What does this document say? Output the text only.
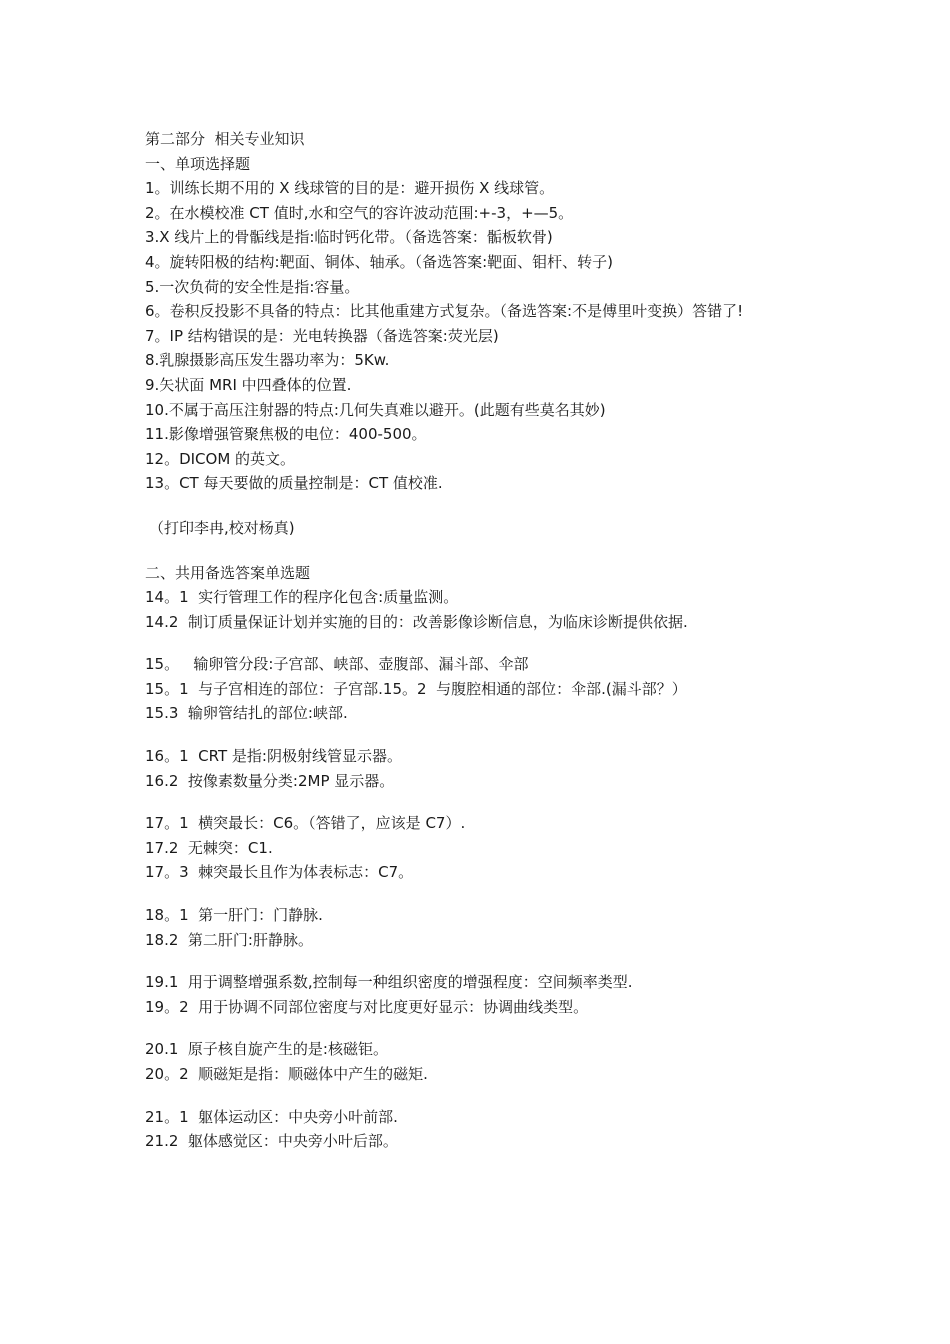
第二部分  相关专业知识
一、单项选择题
1。训练长期不用的 X 线球管的目的是：避开损伤 X 线球管。
2。在水模校准 CT 值时,水和空气的容许波动范围:+-3，+—5。
3.X 线片上的骨骺线是指:临时钙化带。（备选答案：骺板软骨)
4。旋转阳极的结构:靶面、铜体、轴承。（备选答案:靶面、钼杆、转子)
5.一次负荷的安全性是指:容量。
6。卷积反投影不具备的特点：比其他重建方式复杂。（备选答案:不是傅里叶变换）答错了!
7。IP 结构错误的是：光电转换器（备选答案:荧光层)
8.乳腺摄影高压发生器功率为：5Kw.
9.矢状面 MRI 中四叠体的位置.
10.不属于高压注射器的特点:几何失真难以避开。(此题有些莫名其妙)
11.影像增强管聚焦极的电位：400-500。
12。DICOM 的英文。
13。CT 每天要做的质量控制是：CT 值校准.
（打印李冉,校对杨真)
二、共用备选答案单选题
14。1  实行管理工作的程序化包含:质量监测。
14.2  制订质量保证计划并实施的目的：改善影像诊断信息，为临床诊断提供依据.
15。   输卵管分段:子宫部、峡部、壶腹部、漏斗部、伞部
15。1  与子宫相连的部位：子宫部.15。2  与腹腔相通的部位：伞部.(漏斗部？）
15.3  输卵管结扎的部位:峡部.
16。1  CRT 是指:阴极射线管显示器。
16.2  按像素数量分类:2MP 显示器。
17。1  横突最长：C6。（答错了，应该是 C7）.
17.2  无棘突：C1.
17。3  棘突最长且作为体表标志：C7。
18。1  第一肝门：门静脉.
18.2  第二肝门:肝静脉。
19.1  用于调整增强系数,控制每一种组织密度的增强程度：空间频率类型.
19。2  用于协调不同部位密度与对比度更好显示：协调曲线类型。
20.1  原子核自旋产生的是:核磁钜。
20。2  顺磁矩是指：顺磁体中产生的磁矩.
21。1  躯体运动区：中央旁小叶前部.
21.2  躯体感觉区：中央旁小叶后部。
